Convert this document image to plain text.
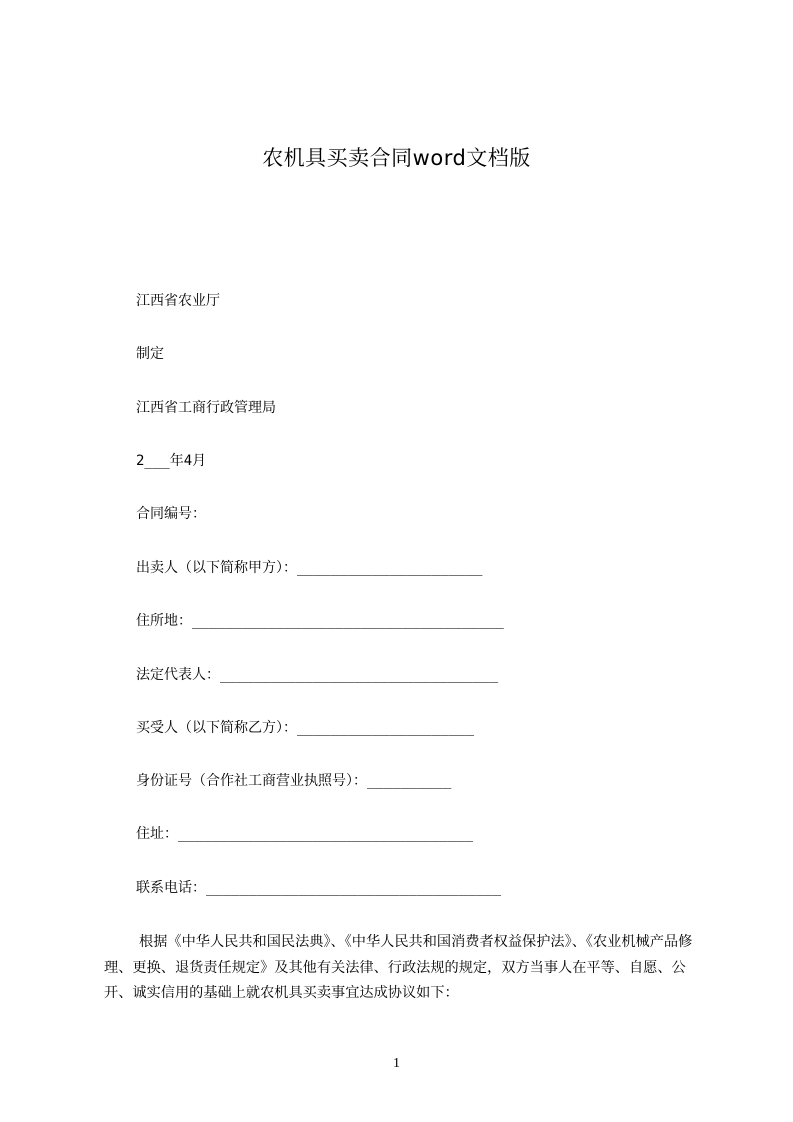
农机具买卖合同word文档版
江西省农业厅
制定
江西省工商行政管理局
2___年4月
合同编号：
出卖人（以下简称甲方）：______________________
住所地：_____________________________________
法定代表人：_________________________________
买受人（以下简称乙方）：_____________________
身份证号（合作社工商营业执照号）：__________
住址：___________________________________
联系电话：___________________________________
根据《中华人民共和国民法典》、《中华人民共和国消费者权益保护法》、《农业机械产品修理、更换、退货责任规定》及其他有关法律、行政法规的规定，双方当事人在平等、自愿、公开、诚实信用的基础上就农机具买卖事宜达成协议如下：
1
